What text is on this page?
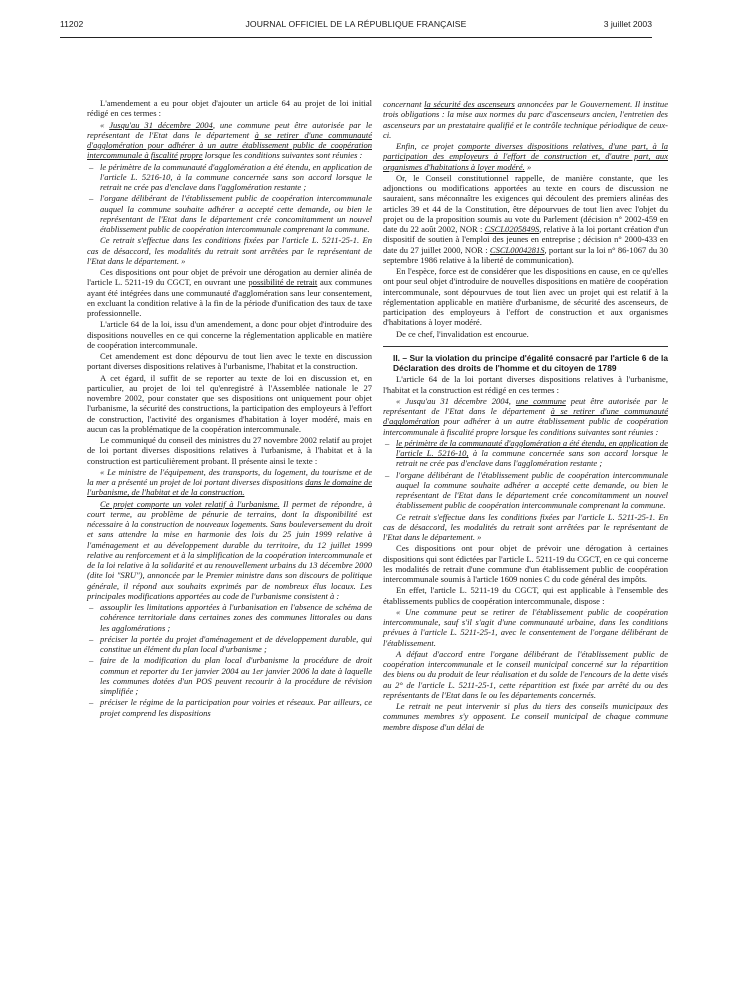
11202	JOURNAL OFFICIEL DE LA RÉPUBLIQUE FRANÇAISE	3 juillet 2003

L'amendement a eu pour objet d'ajouter un article 64 au projet de loi initial rédigé en ces termes :

« Jusqu'au 31 décembre 2004, une commune peut être autorisée par le représentant de l'Etat dans le département à se retirer d'une communauté d'agglomération pour adhérer à un autre établissement public de coopération intercommunale à fiscalité propre lorsque les conditions suivantes sont réunies :

– le périmètre de la communauté d'agglomération a été étendu, en application de l'article L. 5216-10, à la commune concernée sans son accord lorsque le retrait ne crée pas d'enclave dans l'agglomération restante ;

– l'organe délibérant de l'établissement public de coopération intercommunale auquel la commune souhaite adhérer a accepté cette demande, ou bien le représentant de l'Etat dans le département crée concomitamment un nouvel établissement public de coopération intercommunale comprenant la commune.

Ce retrait s'effectue dans les conditions fixées par l'article L. 5211-25-1. En cas de désaccord, les modalités du retrait sont arrêtées par le représentant de l'Etat dans le département. »

Ces dispositions ont pour objet de prévoir une dérogation au dernier alinéa de l'article L. 5211-19 du CGCT, en ouvrant une possibilité de retrait aux communes ayant été intégrées dans une communauté d'agglomération sans leur consentement, en excluant la condition relative à la fin de la période d'unification des taux de taxe professionnelle.

L'article 64 de la loi, issu d'un amendement, a donc pour objet d'introduire des dispositions nouvelles en ce qui concerne la réglementation applicable en matière de coopération intercommunale.

Cet amendement est donc dépourvu de tout lien avec le texte en discussion portant diverses dispositions relatives à l'urbanisme, l'habitat et la construction.

A cet égard, il suffit de se reporter au texte de loi en discussion et, en particulier, au projet de loi tel qu'enregistré à l'Assemblée nationale le 27 novembre 2002, pour constater que ses dispositions ont uniquement pour objet l'urbanisme, la sécurité des constructions, la participation des employeurs à l'effort de construction, l'activité des organismes d'habitation à loyer modéré, mais en aucun cas la problématique de la coopération intercommunale.

Le communiqué du conseil des ministres du 27 novembre 2002 relatif au projet de loi portant diverses dispositions relatives à l'urbanisme, à l'habitat et à la construction est particulièrement probant. Il présente ainsi le texte :

« Le ministre de l'équipement, des transports, du logement, du tourisme et de la mer a présenté un projet de loi portant diverses dispositions dans le domaine de l'urbanisme, de l'habitat et de la construction.

Ce projet comporte un volet relatif à l'urbanisme. Il permet de répondre, à court terme, au problème de pénurie de terrains, dont la disponibilité est nécessaire à la construction de nouveaux logements. Sans bouleversement du droit et sans attendre la mise en harmonie des lois du 25 juin 1999 relative à l'aménagement et au développement durable du territoire, du 12 juillet 1999 relative au renforcement et à la simplification de la coopération intercommunale et de la loi relative à la solidarité et au renouvellement urbains du 13 décembre 2000 (dite loi "SRU"), annoncée par le Premier ministre dans son discours de politique générale, il répond aux souhaits exprimés par de nombreux élus locaux. Les principales modifications apportées au code de l'urbanisme consistent à :

– assouplir les limitations apportées à l'urbanisation en l'absence de schéma de cohérence territoriale dans certaines zones des communes littorales ou dans les agglomérations ;

– préciser la portée du projet d'aménagement et de développement durable, qui constitue un élément du plan local d'urbanisme ;

– faire de la modification du plan local d'urbanisme la procédure de droit commun et reporter du 1er janvier 2004 au 1er janvier 2006 la date à laquelle les communes dotées d'un POS peuvent recourir à la procédure de révision simplifiée ;

– préciser le régime de la participation pour voiries et réseaux. Par ailleurs, ce projet comprend les dispositions

concernant la sécurité des ascenseurs annoncées par le Gouvernement. Il institue trois obligations : la mise aux normes du parc d'ascenseurs ancien, l'entretien des ascenseurs par un prestataire qualifié et le contrôle technique périodique de ceux-ci.

Enfin, ce projet comporte diverses dispositions relatives, d'une part, à la participation des employeurs à l'effort de construction et, d'autre part, aux organismes d'habitations à loyer modéré. »

Or, le Conseil constitutionnel rappelle, de manière constante, que les adjonctions ou modifications apportées au texte en cours de discussion ne sauraient, sans méconnaître les exigences qui découlent des premiers alinéas des articles 39 et 44 de la Constitution, être dépourvues de tout lien avec l'objet du projet ou de la proposition soumis au vote du Parlement (décision n° 2002-459 en date du 22 août 2002, NOR : CSCL0205849S, relative à la loi portant création d'un dispositif de soutien à l'emploi des jeunes en entreprise ; décision n° 2000-433 en date du 27 juillet 2000, NOR : CSCL0004281S, portant sur la loi n° 86-1067 du 30 septembre 1986 relative à la liberté de communication).

En l'espèce, force est de considérer que les dispositions en cause, en ce qu'elles ont pour seul objet d'introduire de nouvelles dispositions en matière de coopération intercommunale, sont dépourvues de tout lien avec un projet qui est relatif à la réglementation applicable en matière d'urbanisme, de sécurité des ascenseurs, de participation des employeurs à l'effort de construction et aux organismes d'habitations à loyer modéré.

De ce chef, l'invalidation est encourue.

II. – Sur la violation du principe d'égalité consacré par l'article 6 de la Déclaration des droits de l'homme et du citoyen de 1789

L'article 64 de la loi portant diverses dispositions relatives à l'urbanisme, l'habitat et la construction est rédigé en ces termes :

« Jusqu'au 31 décembre 2004, une commune peut être autorisée par le représentant de l'Etat dans le département à se retirer d'une communauté d'agglomération pour adhérer à un autre établissement public de coopération intercommunale à fiscalité propre lorsque les conditions suivantes sont réunies :

– le périmètre de la communauté d'agglomération a été étendu, en application de l'article L. 5216-10, à la commune concernée sans son accord lorsque le retrait ne crée pas d'enclave dans l'agglomération restante ;

– l'organe délibérant de l'établissement public de coopération intercommunale auquel la commune souhaite adhérer a accepté cette demande, ou bien le représentant de l'Etat dans le département crée concomitamment un nouvel établissement public de coopération intercommunale comprenant la commune.

Ce retrait s'effectue dans les conditions fixées par l'article L. 5211-25-1. En cas de désaccord, les modalités du retrait sont arrêtées par le représentant de l'Etat dans le département. »

Ces dispositions ont pour objet de prévoir une dérogation à certaines dispositions qui sont édictées par l'article L. 5211-19 du CGCT, en ce qui concerne les modalités de retrait d'une commune d'un établissement public de coopération intercommunale soumis à l'article 1609 nonies C du code général des impôts.

En effet, l'article L. 5211-19 du CGCT, qui est applicable à l'ensemble des établissements publics de coopération intercommunale, dispose :

« Une commune peut se retirer de l'établissement public de coopération intercommunale, sauf s'il s'agit d'une communauté urbaine, dans les conditions prévues à l'article L. 5211-25-1, avec le consentement de l'organe délibérant de l'établissement.

A défaut d'accord entre l'organe délibérant de l'établissement public de coopération intercommunale et le conseil municipal concerné sur la répartition des biens ou du produit de leur réalisation et du solde de l'encours de la dette visés au 2° de l'article L. 5211-25-1, cette répartition est fixée par arrêté du ou des représentants de l'Etat dans le ou les départements concernés.

Le retrait ne peut intervenir si plus du tiers des conseils municipaux des communes membres s'y opposent. Le conseil municipal de chaque commune membre dispose d'un délai de
